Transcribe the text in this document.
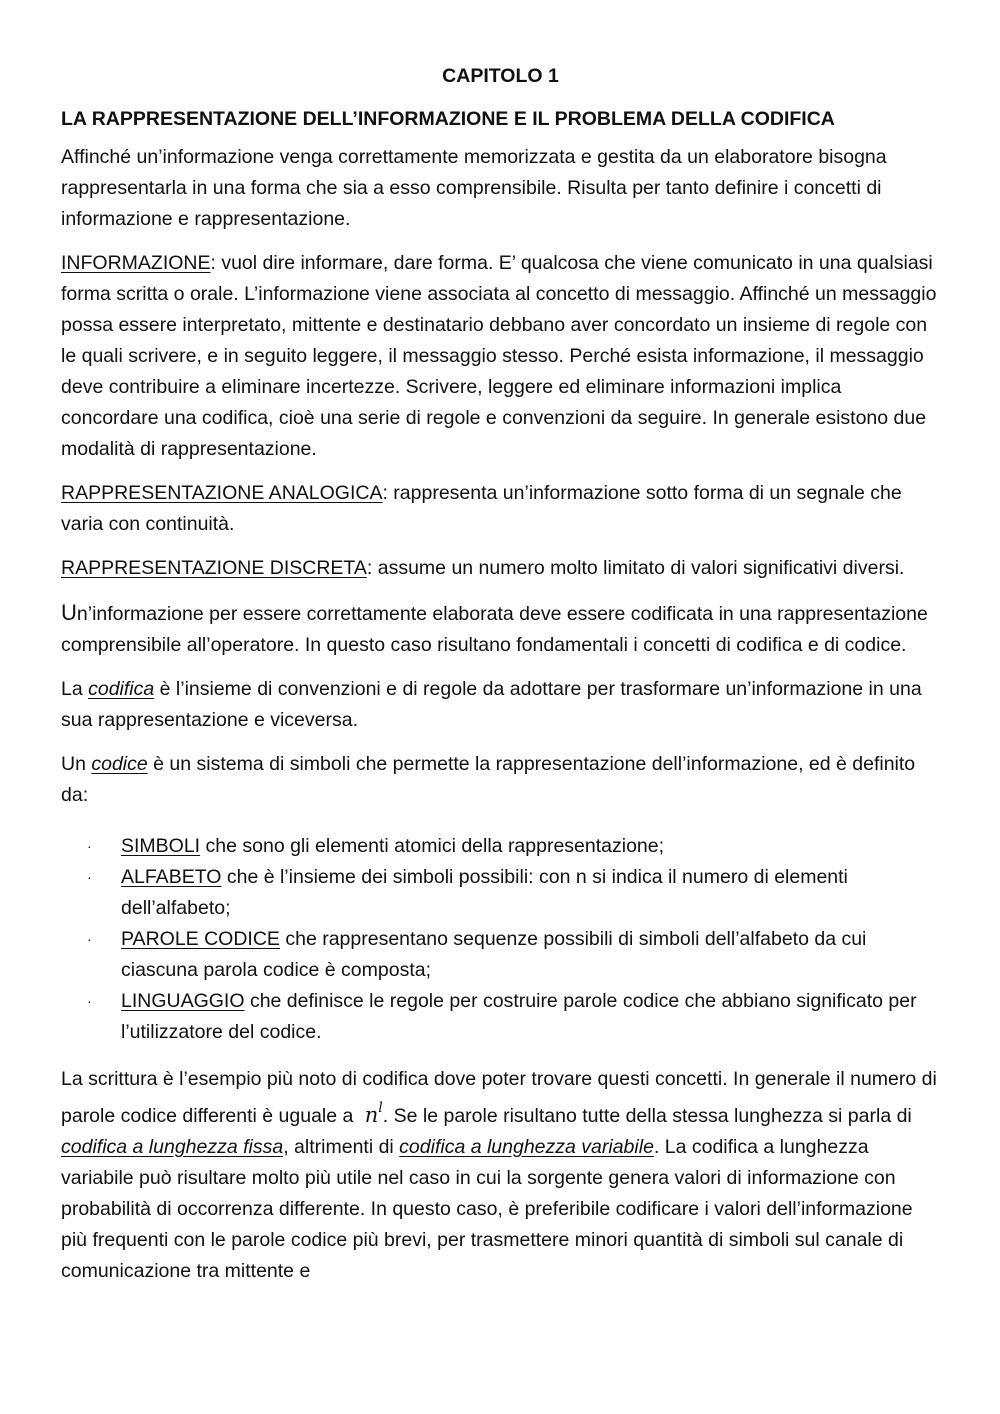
CAPITOLO 1
LA RAPPRESENTAZIONE DELL’INFORMAZIONE E IL PROBLEMA DELLA CODIFICA

Affinché un’informazione venga correttamente memorizzata e gestita da un elaboratore bisogna rappresentarla in una forma che sia a esso comprensibile. Risulta per tanto definire i concetti di informazione e rappresentazione.

INFORMAZIONE: vuol dire informare, dare forma. E’ qualcosa che viene comunicato in una qualsiasi forma scritta o orale. L’informazione viene associata al concetto di messaggio. Affinché un messaggio possa essere interpretato, mittente e destinatario debbano aver concordato un insieme di regole con le quali scrivere, e in seguito leggere, il messaggio stesso. Perché esista informazione, il messaggio deve contribuire a eliminare incertezze. Scrivere, leggere ed eliminare informazioni implica concordare una codifica, cioè una serie di regole e convenzioni da seguire. In generale esistono due modalità di rappresentazione.

RAPPRESENTAZIONE ANALOGICA: rappresenta un’informazione sotto forma di un segnale che varia con continuità.

RAPPRESENTAZIONE DISCRETA: assume un numero molto limitato di valori significativi diversi.

Un’informazione per essere correttamente elaborata deve essere codificata in una rappresentazione comprensibile all’operatore. In questo caso risultano fondamentali i concetti di codifica e di codice.

La codifica è l’insieme di convenzioni e di regole da adottare per trasformare un’informazione in una sua rappresentazione e viceversa.

Un codice è un sistema di simboli che permette la rappresentazione dell’informazione, ed è definito da:

· SIMBOLI che sono gli elementi atomici della rappresentazione;
· ALFABETO che è l’insieme dei simboli possibili: con n si indica il numero di elementi dell’alfabeto;
· PAROLE CODICE che rappresentano sequenze possibili di simboli dell’alfabeto da cui ciascuna parola codice è composta;
· LINGUAGGIO che definisce le regole per costruire parole codice che abbiano significato per l’utilizzatore del codice.

La scrittura è l’esempio più noto di codifica dove poter trovare questi concetti. In generale il numero di parole codice differenti è uguale a $n^l$. Se le parole risultano tutte della stessa lunghezza si parla di codifica a lunghezza fissa, altrimenti di codifica a lunghezza variabile. La codifica a lunghezza variabile può risultare molto più utile nel caso in cui la sorgente genera valori di informazione con probabilità di occorrenza differente. In questo caso, è preferibile codificare i valori dell’informazione più frequenti con le parole codice più brevi, per trasmettere minori quantità di simboli sul canale di comunicazione tra mittente e
